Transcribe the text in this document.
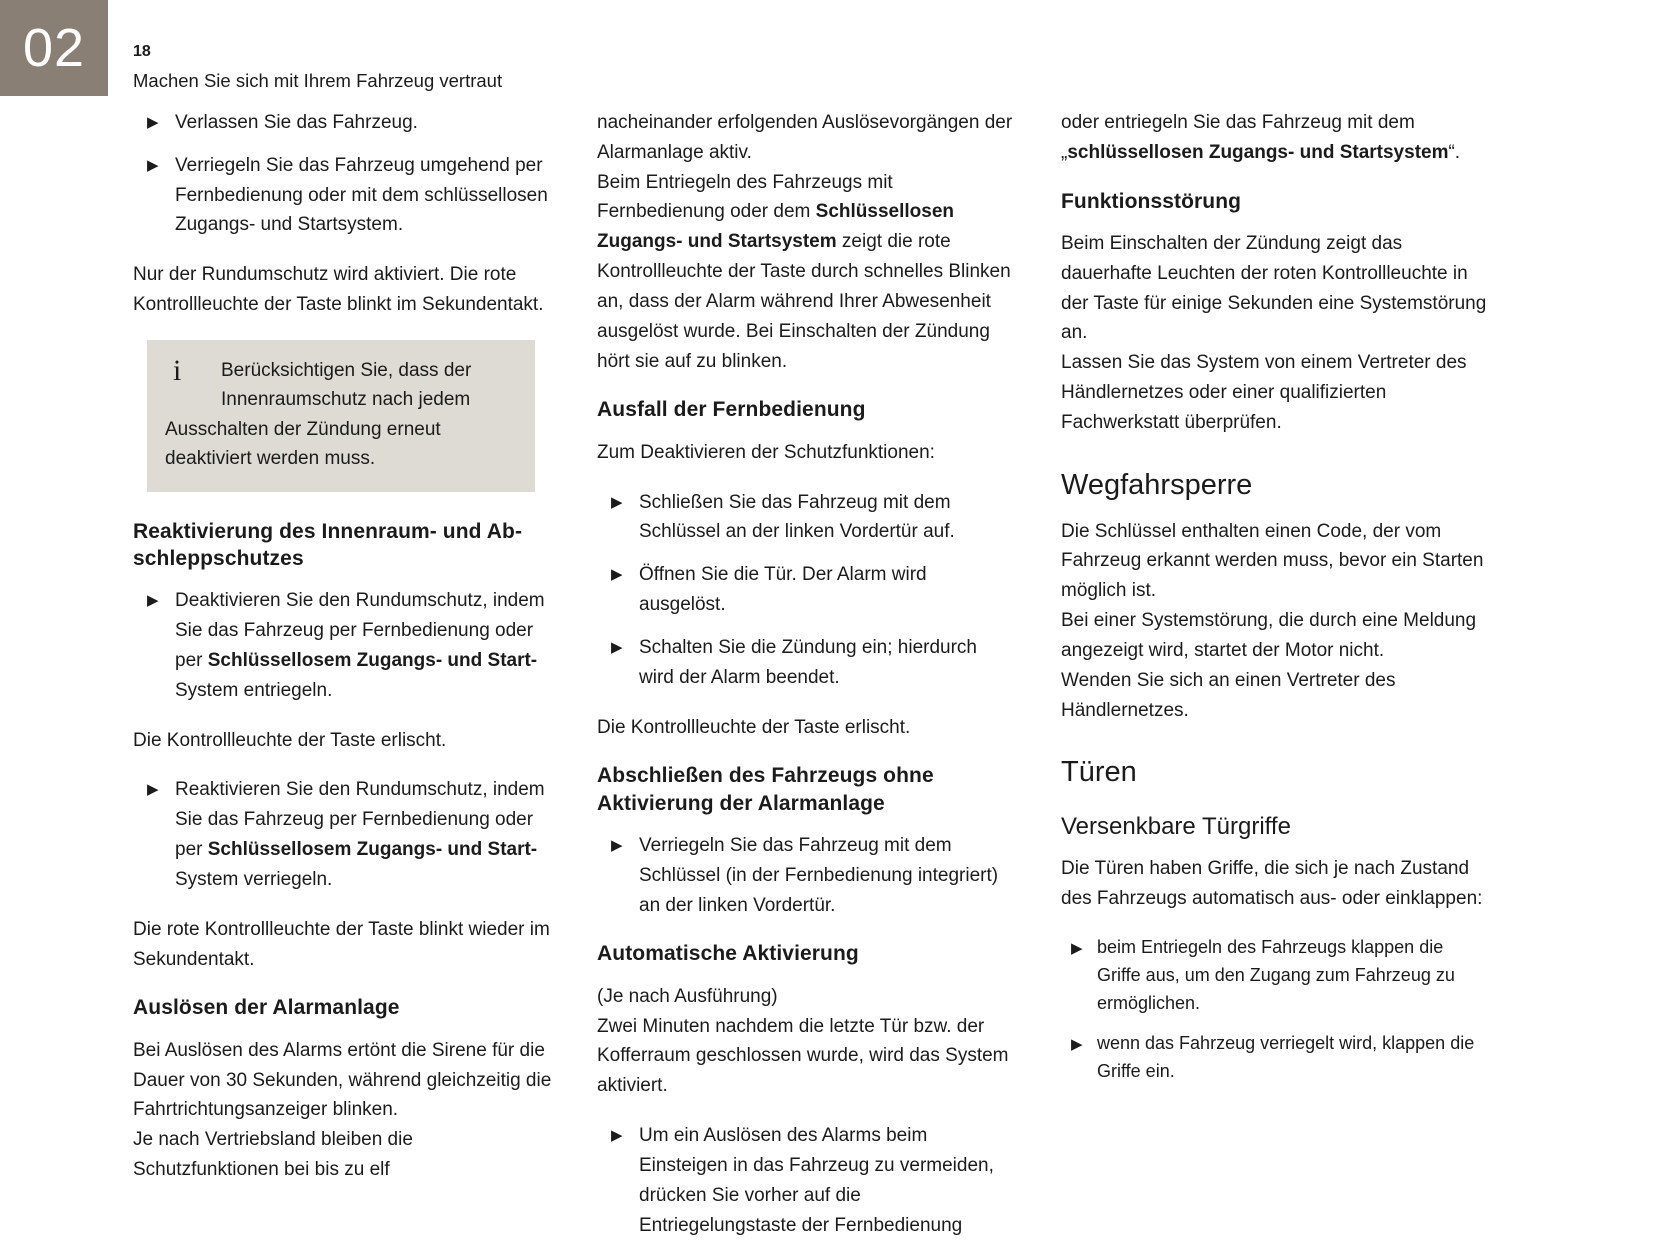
02	18

Machen Sie sich mit Ihrem Fahrzeug vertraut

▶ Verlassen Sie das Fahrzeug.
▶ Verriegeln Sie das Fahrzeug umgehend per Fernbedienung oder mit dem schlüssellosen Zugangs- und Startsystem.

Nur der Rundumschutz wird aktiviert. Die rote Kontrollleuchte der Taste blinkt im Sekundentakt.

i	Berücksichtigen Sie, dass der
Innenraumschutz nach jedem
Ausschalten der Zündung erneut
deaktiviert werden muss.
Reaktivierung des Innenraum- und Ab-schleppschutzes
▶ Deaktivieren Sie den Rundumschutz, indem Sie das Fahrzeug per Fernbedienung oder per Schlüssellosem Zugangs- und Start-System entriegeln.

Die Kontrollleuchte der Taste erlischt.

▶ Reaktivieren Sie den Rundumschutz, indem Sie das Fahrzeug per Fernbedienung oder per Schlüssellosem Zugangs- und Start-System verriegeln.

Die rote Kontrollleuchte der Taste blinkt wieder im Sekundentakt.

Auslösen der Alarmanlage

Bei Auslösen des Alarms ertönt die Sirene für die Dauer von 30 Sekunden, während gleichzeitig die Fahrtrichtungsanzeiger blinken.

Je nach Vertriebsland bleiben die Schutzfunktionen bei bis zu elf

nacheinander erfolgenden Auslösevorgängen der Alarmanlage aktiv.

Beim Entriegeln des Fahrzeugs mit Fernbedienung oder dem Schlüssellosen Zugangs- und Startsystem zeigt die rote Kontrollleuchte der Taste durch schnelles Blinken an, dass der Alarm während Ihrer Abwesenheit ausgelöst wurde. Bei Einschalten der Zündung hört sie auf zu blinken.

Ausfall der Fernbedienung

Zum Deaktivieren der Schutzfunktionen:

▶ Schließen Sie das Fahrzeug mit dem Schlüssel an der linken Vordertür auf.
▶ Öffnen Sie die Tür. Der Alarm wird ausgelöst.
▶ Schalten Sie die Zündung ein; hierdurch wird der Alarm beendet.

Die Kontrollleuchte der Taste erlischt.

Abschließen des Fahrzeugs ohne Aktivierung der Alarmanlage
▶ Verriegeln Sie das Fahrzeug mit dem Schlüssel (in der Fernbedienung integriert) an der linken Vordertür.
Automatische Aktivierung

(Je nach Ausführung)

Zwei Minuten nachdem die letzte Tür bzw. der Kofferraum geschlossen wurde, wird das System aktiviert.

▶ Um ein Auslösen des Alarms beim Einsteigen in das Fahrzeug zu vermeiden, drücken Sie vorher auf die Entriegelungstaste der Fernbedienung

oder entriegeln Sie das Fahrzeug mit dem „schlüssellosen Zugangs- und Startsystem“.

Funktionsstörung

Beim Einschalten der Zündung zeigt das dauerhafte Leuchten der roten Kontrollleuchte in der Taste für einige Sekunden eine Systemstörung an.

Lassen Sie das System von einem Vertreter des Händlernetzes oder einer qualifizierten Fachwerkstatt überprüfen.

Wegfahrsperre

Die Schlüssel enthalten einen Code, der vom Fahrzeug erkannt werden muss, bevor ein Starten möglich ist.

Bei einer Systemstörung, die durch eine Meldung angezeigt wird, startet der Motor nicht.

Wenden Sie sich an einen Vertreter des Händlernetzes.

Türen
Versenkbare Türgriffe

Die Türen haben Griffe, die sich je nach Zustand des Fahrzeugs automatisch aus- oder einklappen:

▶ beim Entriegeln des Fahrzeugs klappen die Griffe aus, um den Zugang zum Fahrzeug zu ermöglichen.
▶ wenn das Fahrzeug verriegelt wird, klappen die Griffe ein.
